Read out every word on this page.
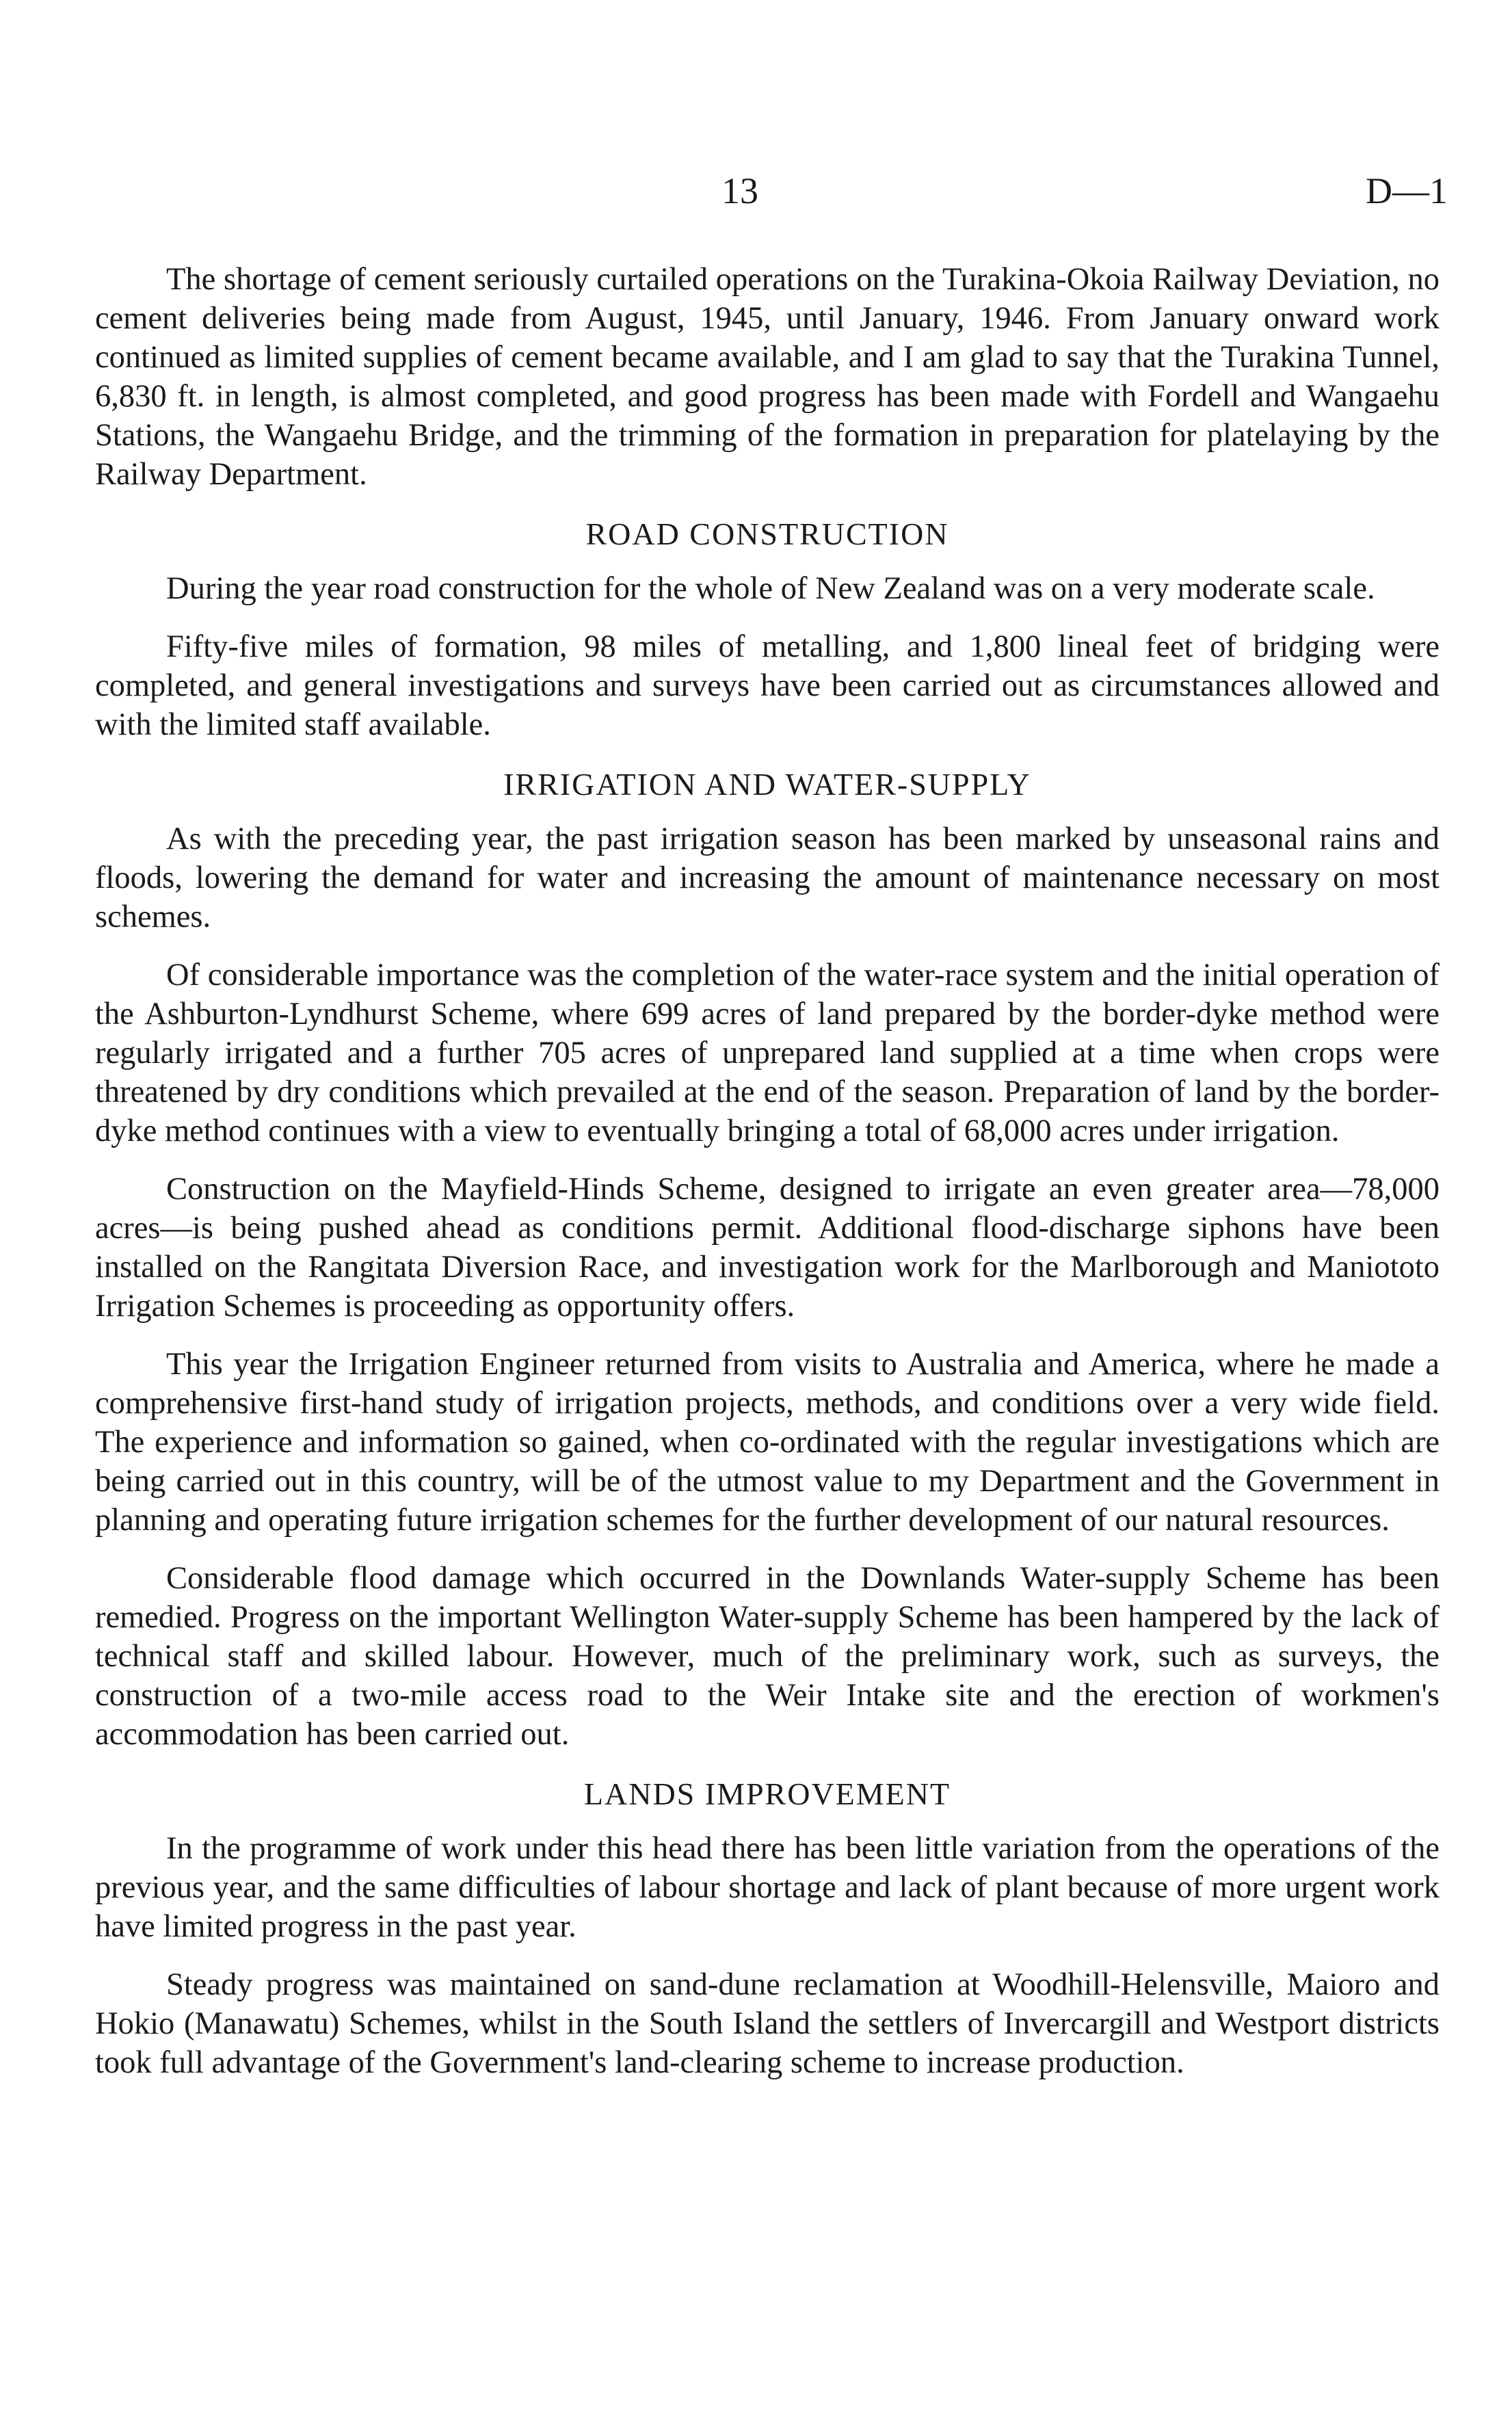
13	D—1

The shortage of cement seriously curtailed operations on the Turakina-Okoia Railway Deviation, no cement deliveries being made from August, 1945, until January, 1946. From January onward work continued as limited supplies of cement became available, and I am glad to say that the Turakina Tunnel, 6,830 ft. in length, is almost completed, and good progress has been made with Fordell and Wangaehu Stations, the Wangaehu Bridge, and the trimming of the formation in preparation for platelaying by the Railway Department.

ROAD CONSTRUCTION

During the year road construction for the whole of New Zealand was on a very moderate scale.

Fifty-five miles of formation, 98 miles of metalling, and 1,800 lineal feet of bridging were completed, and general investigations and surveys have been carried out as circumstances allowed and with the limited staff available.

IRRIGATION AND WATER-SUPPLY

As with the preceding year, the past irrigation season has been marked by unseasonal rains and floods, lowering the demand for water and increasing the amount of maintenance necessary on most schemes.

Of considerable importance was the completion of the water-race system and the initial operation of the Ashburton-Lyndhurst Scheme, where 699 acres of land prepared by the border-dyke method were regularly irrigated and a further 705 acres of unprepared land supplied at a time when crops were threatened by dry conditions which prevailed at the end of the season. Preparation of land by the border-dyke method continues with a view to eventually bringing a total of 68,000 acres under irrigation.

Construction on the Mayfield-Hinds Scheme, designed to irrigate an even greater area—78,000 acres—is being pushed ahead as conditions permit. Additional flood-discharge siphons have been installed on the Rangitata Diversion Race, and investigation work for the Marlborough and Maniototo Irrigation Schemes is proceeding as opportunity offers.

This year the Irrigation Engineer returned from visits to Australia and America, where he made a comprehensive first-hand study of irrigation projects, methods, and conditions over a very wide field. The experience and information so gained, when co-ordinated with the regular investigations which are being carried out in this country, will be of the utmost value to my Department and the Government in planning and operating future irrigation schemes for the further development of our natural resources.

Considerable flood damage which occurred in the Downlands Water-supply Scheme has been remedied. Progress on the important Wellington Water-supply Scheme has been hampered by the lack of technical staff and skilled labour. However, much of the preliminary work, such as surveys, the construction of a two-mile access road to the Weir Intake site and the erection of workmen's accommodation has been carried out.

LANDS IMPROVEMENT

In the programme of work under this head there has been little variation from the operations of the previous year, and the same difficulties of labour shortage and lack of plant because of more urgent work have limited progress in the past year.

Steady progress was maintained on sand-dune reclamation at Woodhill-Helensville, Maioro and Hokio (Manawatu) Schemes, whilst in the South Island the settlers of Invercargill and Westport districts took full advantage of the Government's land-clearing scheme to increase production.
